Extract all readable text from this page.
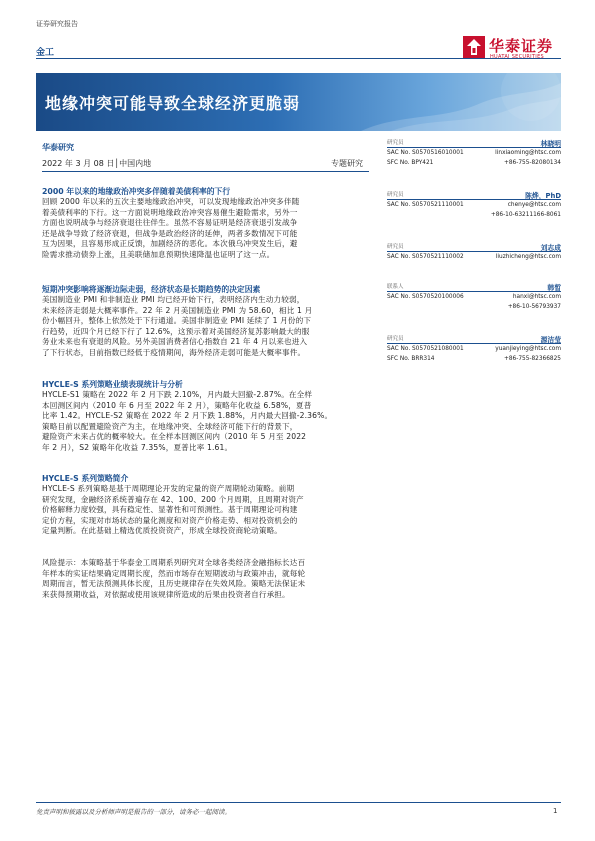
证券研究报告
金工	华泰证券
HUATAI SECURITIES
地缘冲突可能导致全球经济更脆弱
华泰研究
2022 年 3 月 08 日│中国内地	专题研究
2000 年以来的地缘政治冲突多伴随着美债利率的下行
回顾 2000 年以来的五次主要地缘政治冲突，可以发现地缘政治冲突多伴随
着美债利率的下行。这一方面说明地缘政治冲突容易催生避险需求，另外一
方面也说明战争与经济衰退往往伴生。虽然不容易证明是经济衰退引发战争
还是战争导致了经济衰退，但战争是政治经济的延伸，两者多数情况下可能
互为因果，且容易形成正反馈，加剧经济的恶化。本次俄乌冲突发生后，避
险需求推动债券上涨，且美联储加息预期快速降温也证明了这一点。
短期冲突影响将逐渐边际走弱，经济状态是长期趋势的决定因素
美国制造业 PMI 和非制造业 PMI 均已经开始下行，表明经济内生动力较弱，
未来经济走弱是大概率事件。22 年 2 月美国制造业 PMI 为 58.60，相比 1 月
份小幅回升，整体上依然处于下行通道。美国非制造业 PMI 延续了 1 月份的下
行趋势，近四个月已经下行了 12.6%，这预示着对美国经济复苏影响最大的服
务业未来也有衰退的风险。另外美国消费者信心指数自 21 年 4 月以来也进入
了下行状态，目前指数已经低于疫情期间，海外经济走弱可能是大概率事件。
HYCLE-S 系列策略业绩表现统计与分析
HYCLE-S1 策略在 2022 年 2 月下跌 2.10%，月内最大回撤-2.87%。在全样
本回测区间内（2010 年 6 月至 2022 年 2 月），策略年化收益 6.58%，夏普
比率 1.42。HYCLE-S2 策略在 2022 年 2 月下跌 1.88%，月内最大回撤-2.36%。
策略目前以配置避险资产为主，在地缘冲突、全球经济可能下行的背景下，
避险资产未来占优的概率较大。在全样本回测区间内（2010 年 5 月至 2022
年 2 月），S2 策略年化收益 7.35%，夏普比率 1.61。
HYCLE-S 系列策略简介
HYCLE-S 系列策略是基于周期理论开发的定量的资产周期轮动策略。前期
研究发现，金融经济系统普遍存在 42、100、200 个月周期，且周期对资产
价格解释力度较强，具有稳定性、显著性和可预测性。基于周期理论可构建
定价方程，实现对市场状态的量化测度和对资产价格走势、相对投资机会的
定量判断。在此基础上精选优质投资资产，形成全球投资商轮动策略。
风险提示：本策略基于华泰金工周期系列研究对全球各类经济金融指标长达百
年样本的实证结果确定周期长度，然而市场存在短期波动与政策冲击，就每轮
周期而言，暂无法预测具体长度，且历史规律存在失效风险。策略无法保证未
来获得预期收益，对依据或使用该规律所造成的后果由投资者自行承担。
研究员	林晓明
SAC No. S0570516010001
SFC No. BPY421
linxiaoming@htsc.com
+86-755-82080134
研究员	陈烨，PhD
SAC No. S0570521110001	chenye@htsc.com
+86-10-63211166-8061
研究员	刘志成
SAC No. S0570521110002	liuzhicheng@htsc.com
联系人	韩晳
SAC No. S0570520100006	hanxi@htsc.com
+86-10-56793937
研究员	源洁莹
SAC No. S0570521080001
SFC No. BRR314
yuanjieying@htsc.com
+86-755-82366825
免责声明和披露以及分析师声明是报告的一部分，请务必一起阅读。	1
